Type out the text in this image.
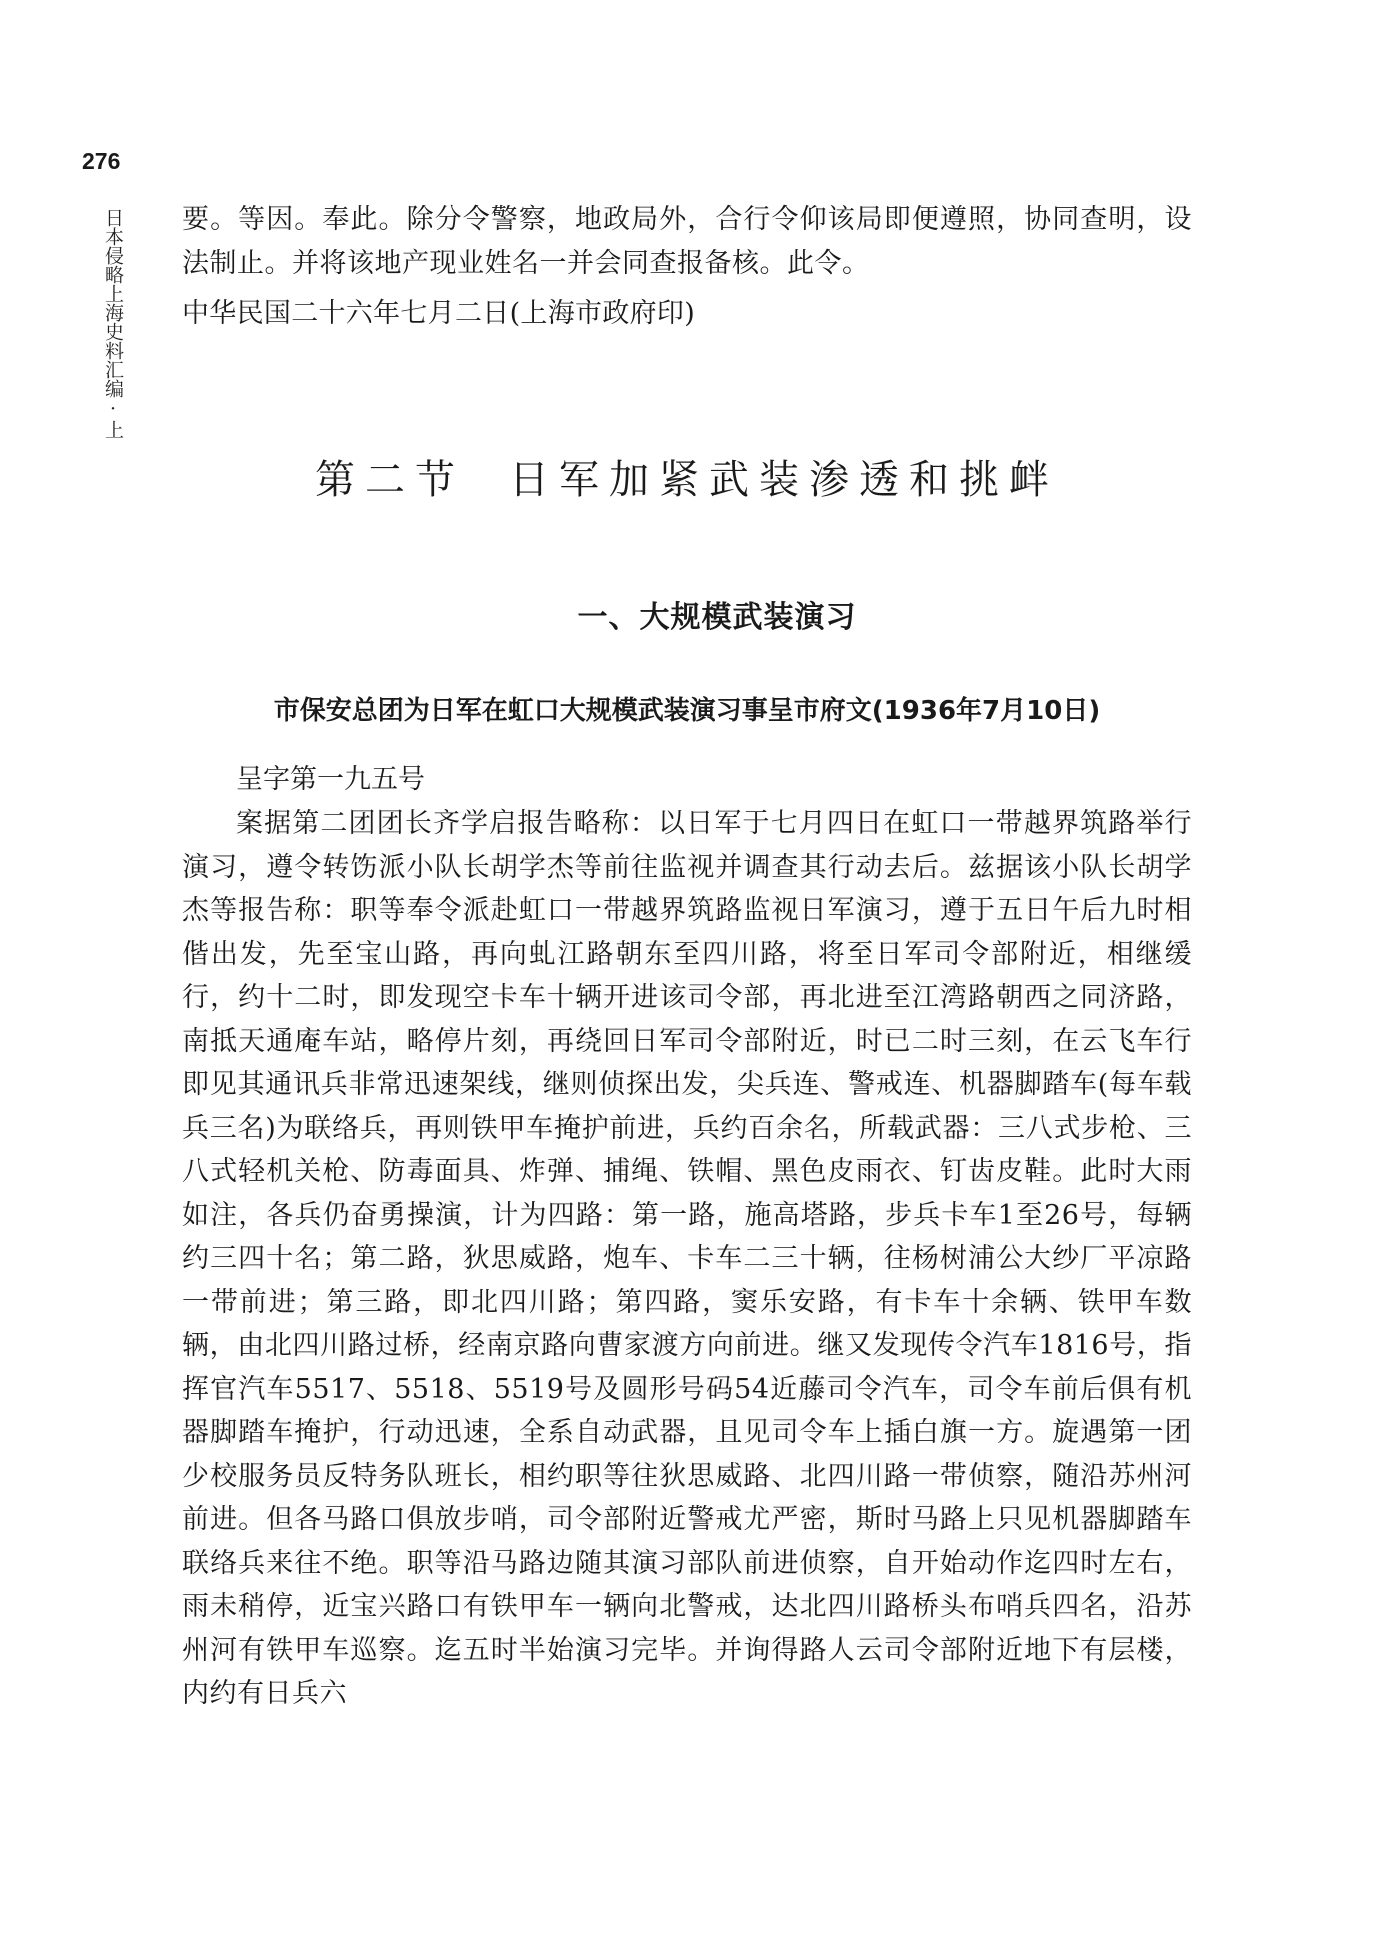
276
日本侵略上海史料汇编·上 要。等因。奉此。除分令警察，地政局外，合行令仰该局即便遵照，协同查明，设法制止。并将该地产现业姓名一并会同查报备核。此令。

中华民国二十六年七月二日(上海市政府印)
第二节 日军加紧武装渗透和挑衅
一、大规模武装演习
市保安总团为日军在虹口大规模武装演习事呈市府文(1936年7月10日)
呈字第一九五号

案据第二团团长齐学启报告略称：以日军于七月四日在虹口一带越界筑路举行演习，遵令转饬派小队长胡学杰等前往监视并调查其行动去后。兹据该小队长胡学杰等报告称：职等奉令派赴虹口一带越界筑路监视日军演习，遵于五日午后九时相偕出发，先至宝山路，再向虬江路朝东至四川路，将至日军司令部附近，相继缓行，约十二时，即发现空卡车十辆开进该司令部，再北进至江湾路朝西之同济路，南抵天通庵车站，略停片刻，再绕回日军司令部附近，时已二时三刻，在云飞车行即见其通讯兵非常迅速架线，继则侦探出发，尖兵连、警戒连、机器脚踏车(每车载兵三名)为联络兵，再则铁甲车掩护前进，兵约百余名，所载武器：三八式步枪、三八式轻机关枪、防毒面具、炸弹、捕绳、铁帽、黑色皮雨衣、钉齿皮鞋。此时大雨如注，各兵仍奋勇操演，计为四路：第一路，施高塔路，步兵卡车1至26号，每辆约三四十名；第二路，狄思威路，炮车、卡车二三十辆，往杨树浦公大纱厂平凉路一带前进；第三路，即北四川路；第四路，窦乐安路，有卡车十余辆、铁甲车数辆，由北四川路过桥，经南京路向曹家渡方向前进。继又发现传令汽车1816号，指挥官汽车5517、5518、5519号及圆形号码54近藤司令汽车，司令车前后俱有机器脚踏车掩护，行动迅速，全系自动武器，且见司令车上插白旗一方。旋遇第一团少校服务员反特务队班长，相约职等往狄思威路、北四川路一带侦察，随沿苏州河前进。但各马路口俱放步哨，司令部附近警戒尤严密，斯时马路上只见机器脚踏车联络兵来往不绝。职等沿马路边随其演习部队前进侦察，自开始动作迄四时左右，雨未稍停，近宝兴路口有铁甲车一辆向北警戒，达北四川路桥头布哨兵四名，沿苏州河有铁甲车巡察。迄五时半始演习完毕。并询得路人云司令部附近地下有层楼，内约有日兵六
